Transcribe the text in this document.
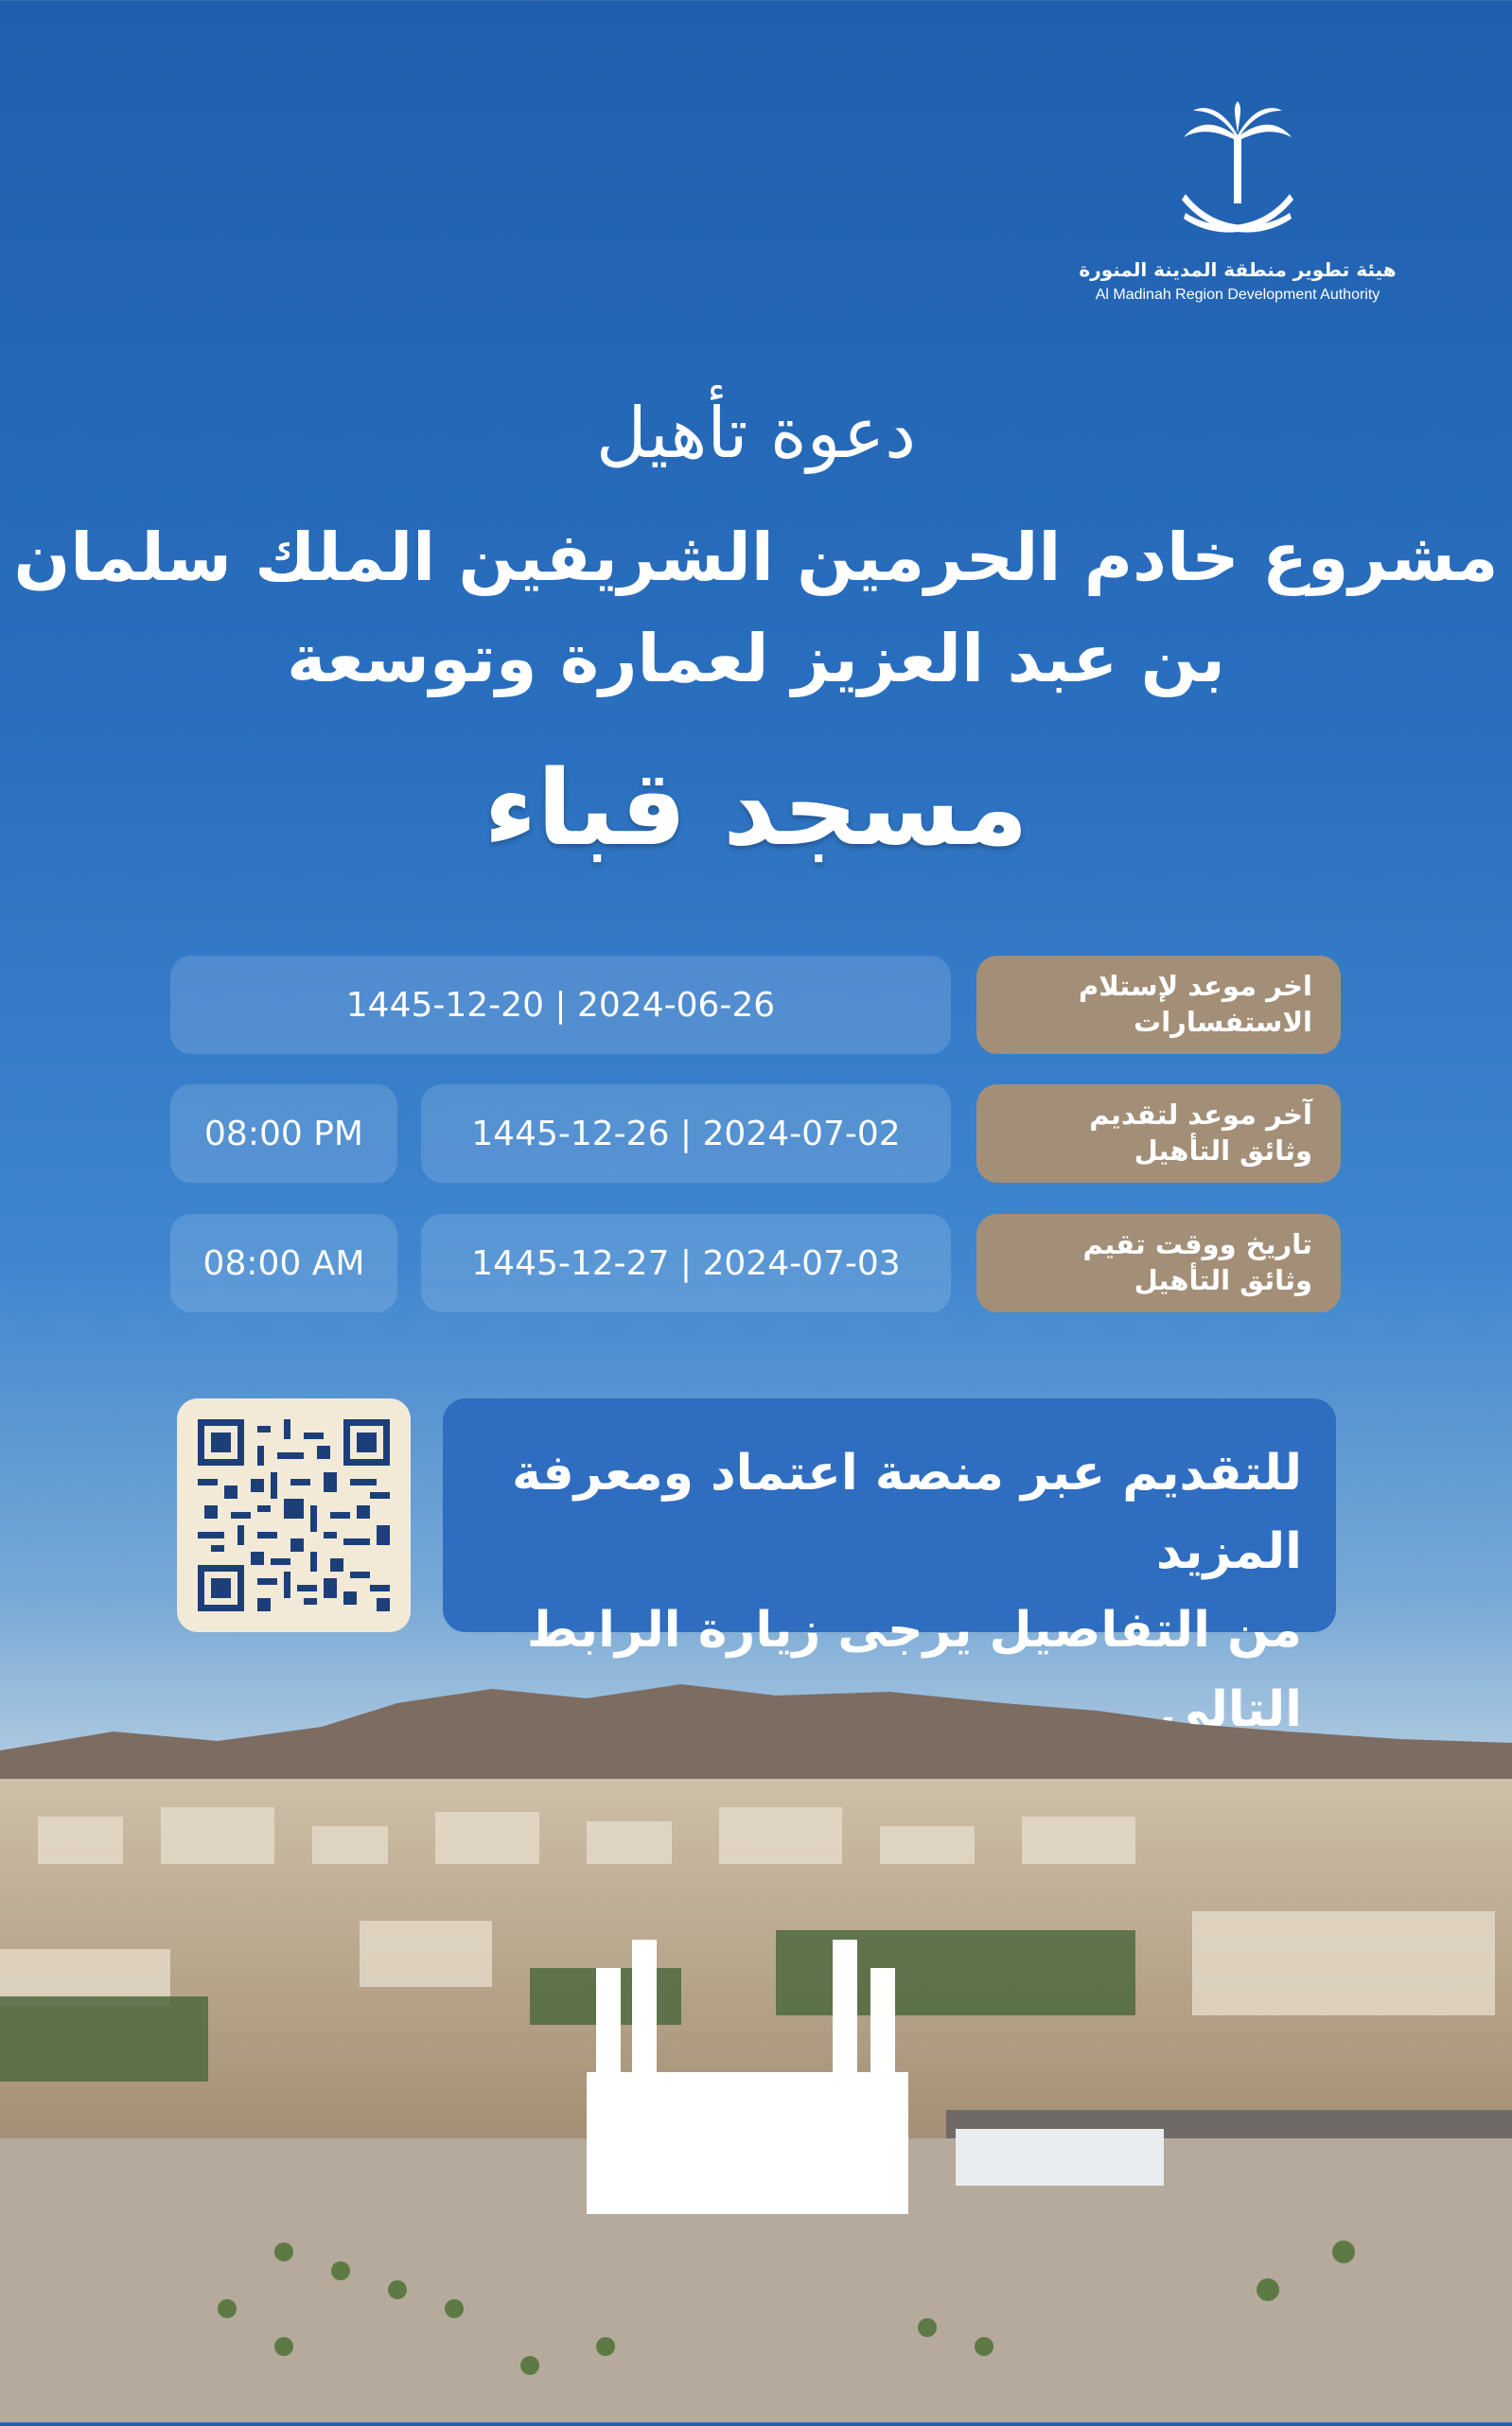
هيئة تطوير منطقة المدينة المنورة
Al Madinah Region Development Authority
دعوة تأهيل
مشروع خادم الحرمين الشريفين الملك سلمان
بن عبد العزيز لعمارة وتوسعة
مسجد قباء
1445-12-20 | 2024-06-26	اخر موعد لإستلام
الاستفسارات
08:00 PM	1445-12-26 | 2024-07-02	آخر موعد لتقديم
وثائق التأهيل
08:00 AM	1445-12-27 | 2024-07-03	تاريخ ووقت تقيم
وثائق التأهيل
للتقديم عبر منصة اعتماد ومعرفة المزيد
من التفاصيل يرجى زيارة الرابط التالي
